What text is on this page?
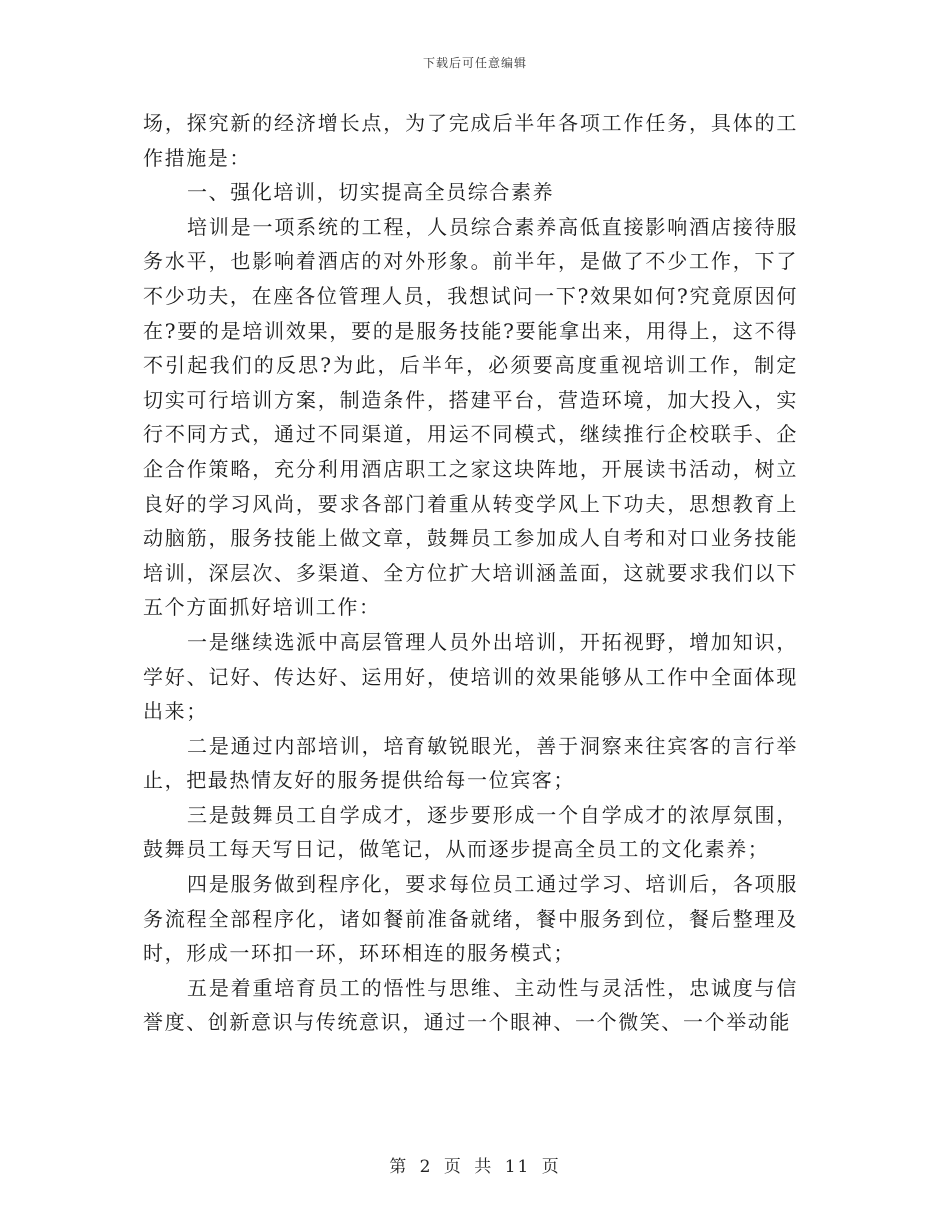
下载后可任意编辑

场，探究新的经济增长点，为了完成后半年各项工作任务，具体的工作措施是：

一、强化培训，切实提高全员综合素养

培训是一项系统的工程，人员综合素养高低直接影响酒店接待服务水平，也影响着酒店的对外形象。前半年，是做了不少工作，下了不少功夫，在座各位管理人员，我想试问一下?效果如何?究竟原因何在?要的是培训效果，要的是服务技能?要能拿出来，用得上，这不得不引起我们的反思?为此，后半年，必须要高度重视培训工作，制定切实可行培训方案，制造条件，搭建平台，营造环境，加大投入，实行不同方式，通过不同渠道，用运不同模式，继续推行企校联手、企企合作策略，充分利用酒店职工之家这块阵地，开展读书活动，树立良好的学习风尚，要求各部门着重从转变学风上下功夫，思想教育上动脑筋，服务技能上做文章，鼓舞员工参加成人自考和对口业务技能培训，深层次、多渠道、全方位扩大培训涵盖面，这就要求我们以下五个方面抓好培训工作：

一是继续选派中高层管理人员外出培训，开拓视野，增加知识，学好、记好、传达好、运用好，使培训的效果能够从工作中全面体现出来；

二是通过内部培训，培育敏锐眼光，善于洞察来往宾客的言行举止，把最热情友好的服务提供给每一位宾客；

三是鼓舞员工自学成才，逐步要形成一个自学成才的浓厚氛围，鼓舞员工每天写日记，做笔记，从而逐步提高全员工的文化素养；

四是服务做到程序化，要求每位员工通过学习、培训后，各项服务流程全部程序化，诸如餐前准备就绪，餐中服务到位，餐后整理及时，形成一环扣一环，环环相连的服务模式；

五是着重培育员工的悟性与思维、主动性与灵活性，忠诚度与信誉度、创新意识与传统意识，通过一个眼神、一个微笑、一个举动能

第 2 页 共 11 页
